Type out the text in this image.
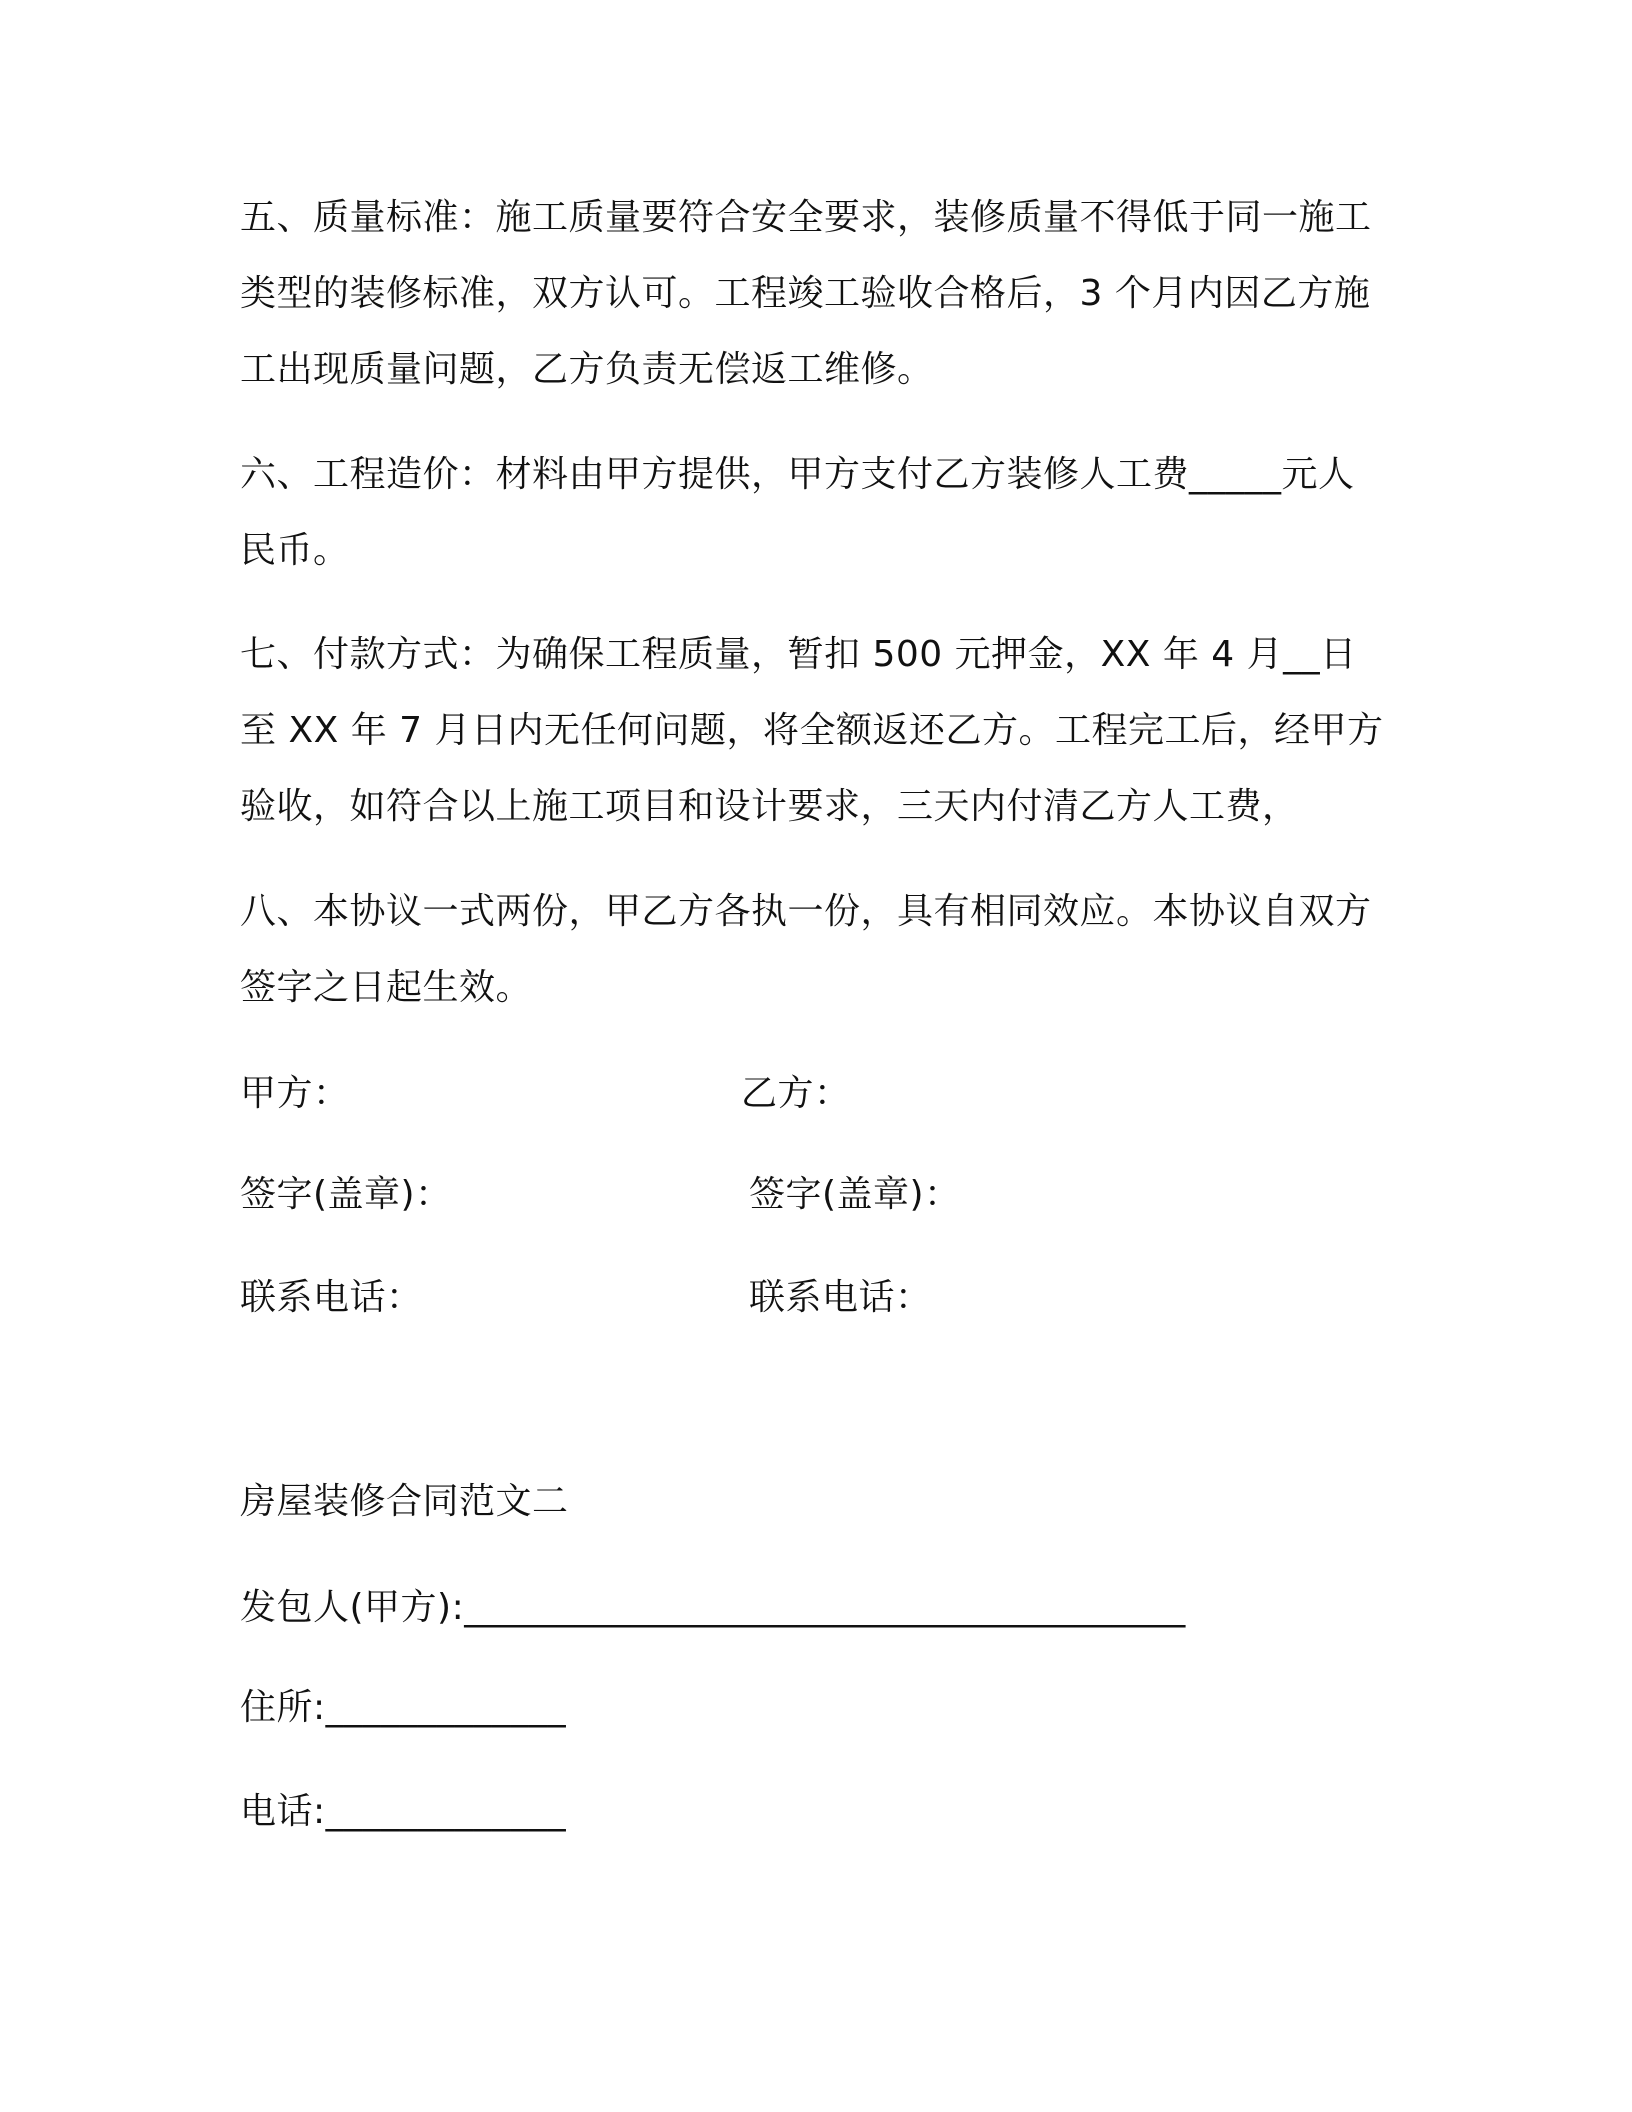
五、质量标准：施工质量要符合安全要求，装修质量不得低于同一施工类型的装修标准，双方认可。工程竣工验收合格后，3 个月内因乙方施工出现质量问题，乙方负责无偿返工维修。
六、工程造价：材料由甲方提供，甲方支付乙方装修人工费_____元人民币。
七、付款方式：为确保工程质量，暂扣 500 元押金，XX 年 4 月__日至 XX 年 7 月日内无任何问题，将全额返还乙方。工程完工后，经甲方验收，如符合以上施工项目和设计要求，三天内付清乙方人工费，
八、本协议一式两份，甲乙方各执一份，具有相同效应。本协议自双方签字之日起生效。
甲方：	乙方：
签字(盖章)：	签字(盖章)：
联系电话：	联系电话：
房屋装修合同范文二
发包人(甲方):_______________________________________
住所:_____________
电话:_____________
